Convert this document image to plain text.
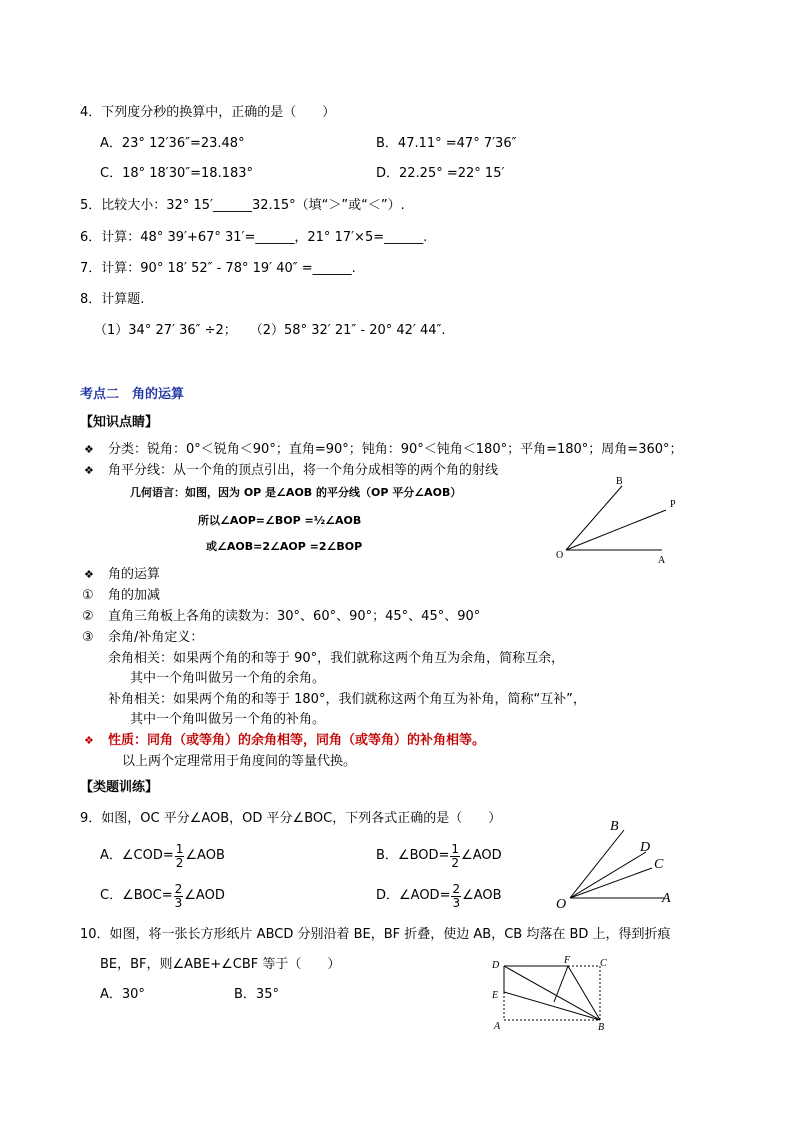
4．下列度分秒的换算中，正确的是（　　）
A．23° 12′36″=23.48°	B．47.11° =47° 7′36″
C．18° 18′30″=18.183°	D．22.25° =22° 15′
5．比较大小：32° 15′______32.15°（填“＞”或“＜”）.
6．计算：48° 39′+67° 31′=______，21° 17′×5=______.
7．计算：90° 18′ 52″ - 78° 19′ 40″ =______.
8．计算题.
（1）34° 27′ 36″ ÷2；　　（2）58° 32′ 21″ - 20° 42′ 44″.
考点二　角的运算
【知识点睛】
❖ 分类：锐角：0°＜锐角＜90°；直角=90°；钝角：90°＜钝角＜180°；平角=180°；周角=360°；
❖ 角平分线：从一个角的顶点引出，将一个角分成相等的两个角的射线
几何语言：如图，因为 OP 是∠AOB 的平分线（OP 平分∠AOB）
所以∠AOP=∠BOP =½∠AOB
或∠AOB=2∠AOP =2∠BOP
B
P
O	A
❖ 角的运算
① 角的加减
② 直角三角板上各角的读数为：30°、60°、90°；45°、45°、90°
③ 余角/补角定义：
余角相关：如果两个角的和等于 90°，我们就称这两个角互为余角，简称互余，
其中一个角叫做另一个角的余角。
补角相关：如果两个角的和等于 180°，我们就称这两个角互为补角，简称“互补”，
其中一个角叫做另一个角的补角。
❖ 性质：同角（或等角）的余角相等，同角（或等角）的补角相等。
以上两个定理常用于角度间的等量代换。
【类题训练】
9．如图，OC 平分∠AOB，OD 平分∠BOC，下列各式正确的是（　　）
A．∠COD= $\frac{1}{2}$ ∠AOB	B．∠BOD= $\frac{1}{2}$ ∠AOD
C．∠BOC= $\frac{2}{3}$ ∠AOD	D．∠AOD= $\frac{2}{3}$ ∠AOB
B
D
C
O	A
10．如图，将一张长方形纸片 ABCD 分别沿着 BE，BF 折叠，使边 AB，CB 均落在 BD 上，得到折痕
BE，BF，则∠ABE+∠CBF 等于（　　）
A．30°	B．35°
D	F	C
E
A	B
